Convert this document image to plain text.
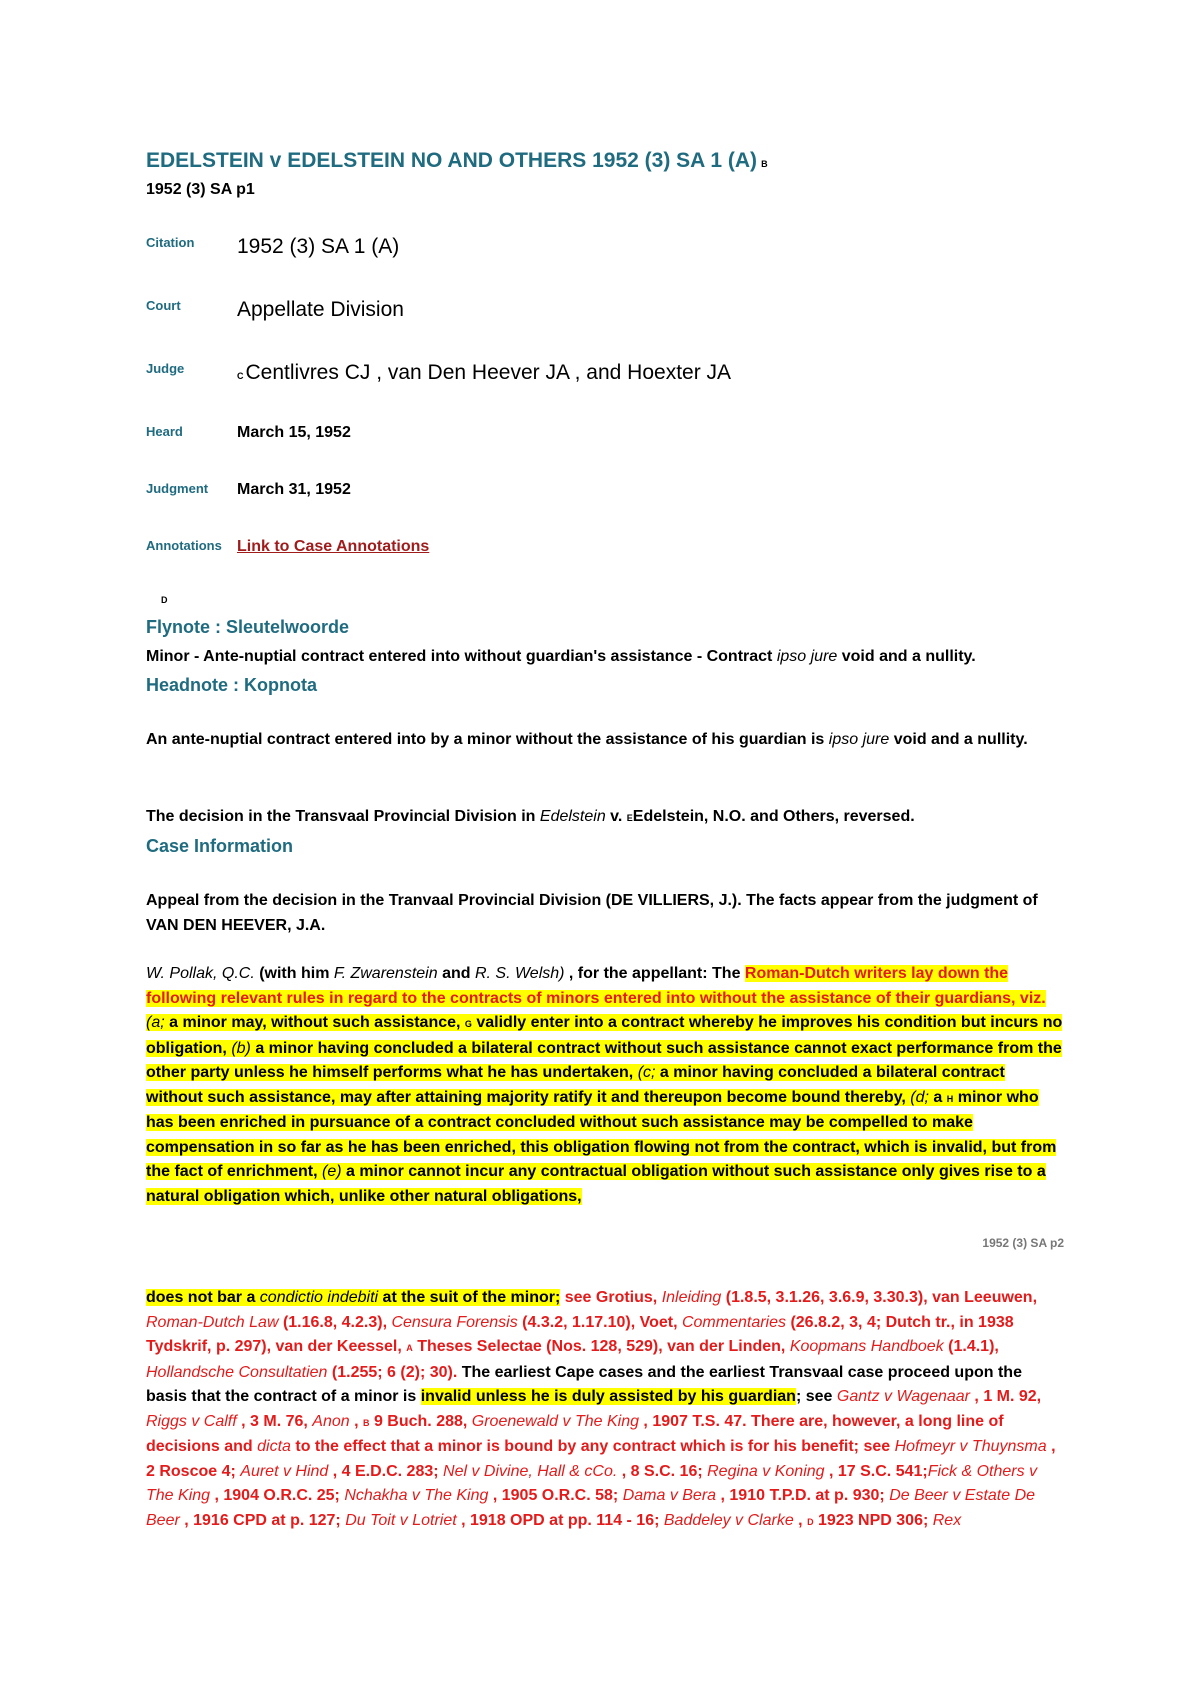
EDELSTEIN v EDELSTEIN NO AND OTHERS 1952 (3) SA 1 (A) B
1952 (3) SA p1
Citation 1952 (3) SA 1 (A)
Court	Appellate Division
Judge	CCentlivres CJ , van Den Heever JA , and Hoexter JA
Heard	March 15, 1952
Judgment March 31, 1952
Annotations Link to Case Annotations
D
Flynote : Sleutelwoorde
Minor - Ante-nuptial contract entered into without guardian's assistance - Contract ipso jure void and a nullity.
Headnote : Kopnota
An ante-nuptial contract entered into by a minor without the assistance of his guardian is ipso jure void and a nullity.
The decision in the Transvaal Provincial Division in Edelstein v. EEdelstein, N.O. and Others, reversed.
Case Information
Appeal from the decision in the Tranvaal Provincial Division (DE VILLIERS, J.). The facts appear from the judgment of VAN DEN HEEVER, J.A.
W. Pollak, Q.C. (with him F. Zwarenstein and R. S. Welsh) , for the appellant: The Roman-Dutch writers lay down the following relevant rules in regard to the contracts of minors entered into without the assistance of their guardians, viz. (a; a minor may, without such assistance, G validly enter into a contract whereby he improves his condition but incurs no obligation, (b) a minor having concluded a bilateral contract without such assistance cannot exact performance from the other party unless he himself performs what he has undertaken, (c; a minor having concluded a bilateral contract without such assistance, may after attaining majority ratify it and thereupon become bound thereby, (d; a H minor who has been enriched in pursuance of a contract concluded without such assistance may be compelled to make compensation in so far as he has been enriched, this obligation flowing not from the contract, which is invalid, but from the fact of enrichment, (e) a minor cannot incur any contractual obligation without such assistance only gives rise to a natural obligation which, unlike other natural obligations,
1952 (3) SA p2
does not bar a condictio indebiti at the suit of the minor; see Grotius, Inleiding (1.8.5, 3.1.26, 3.6.9, 3.30.3), van Leeuwen, Roman-Dutch Law (1.16.8, 4.2.3), Censura Forensis (4.3.2, 1.17.10), Voet, Commentaries (26.8.2, 3, 4; Dutch tr., in 1938 Tydskrif, p. 297), van der Keessel, A Theses Selectae (Nos. 128, 529), van der Linden, Koopmans Handboek (1.4.1), Hollandsche Consultatien (1.255; 6 (2); 30). The earliest Cape cases and the earliest Transvaal case proceed upon the basis that the contract of a minor is invalid unless he is duly assisted by his guardian; see Gantz v Wagenaar , 1 M. 92, Riggs v Calff , 3 M. 76, Anon , B 9 Buch. 288, Groenewald v The King , 1907 T.S. 47. There are, however, a long line of decisions and dicta to the effect that a minor is bound by any contract which is for his benefit; see Hofmeyr v Thuynsma , 2 Roscoe 4; Auret v Hind , 4 E.D.C. 283; Nel v Divine, Hall & cCo. , 8 S.C. 16; Regina v Koning , 17 S.C. 541;Fick & Others v The King , 1904 O.R.C. 25; Nchakha v The King , 1905 O.R.C. 58; Dama v Bera , 1910 T.P.D. at p. 930; De Beer v Estate De Beer , 1916 CPD at p. 127; Du Toit v Lotriet , 1918 OPD at pp. 114 - 16; Baddeley v Clarke , D 1923 NPD 306; Rex
